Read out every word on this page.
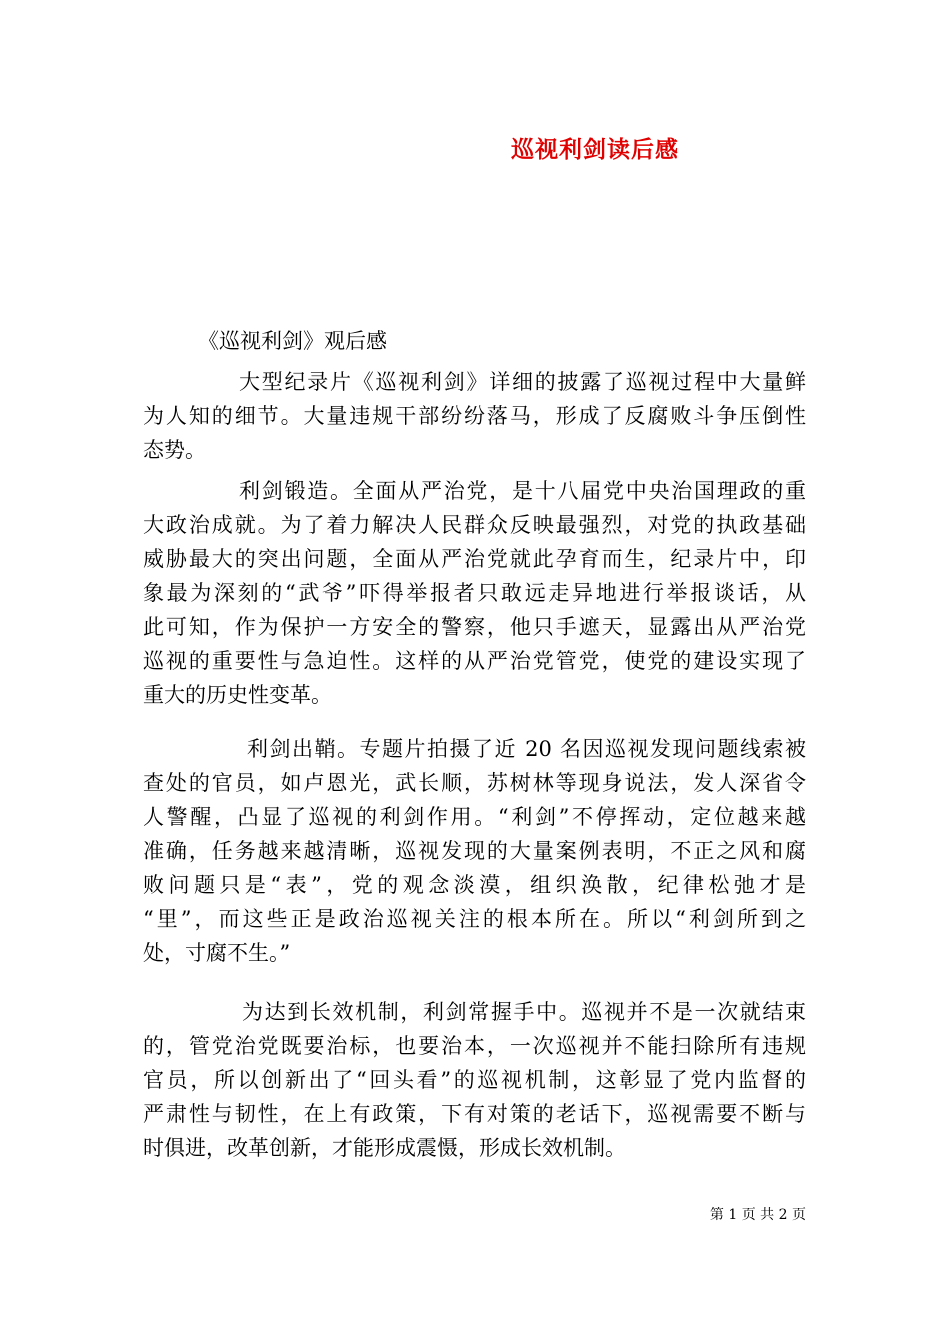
巡视利剑读后感
《巡视利剑》观后感
大型纪录片《巡视利剑》详细的披露了巡视过程中大量鲜
为人知的细节。大量违规干部纷纷落马，形成了反腐败斗争压倒性
态势。
利剑锻造。全面从严治党，是十八届党中央治国理政的重
大政治成就。为了着力解决人民群众反映最强烈，对党的执政基础
威胁最大的突出问题，全面从严治党就此孕育而生，纪录片中，印
象最为深刻的“武爷”吓得举报者只敢远走异地进行举报谈话，从
此可知，作为保护一方安全的警察，他只手遮天，显露出从严治党
巡视的重要性与急迫性。这样的从严治党管党，使党的建设实现了
重大的历史性变革。
利剑出鞘。专题片拍摄了近 20 名因巡视发现问题线索被
查处的官员，如卢恩光，武长顺，苏树林等现身说法，发人深省令
人警醒，凸显了巡视的利剑作用。“利剑”不停挥动，定位越来越
准确，任务越来越清晰，巡视发现的大量案例表明，不正之风和腐
败问题只是“表”，党的观念淡漠，组织涣散，纪律松弛才是
“里”，而这些正是政治巡视关注的根本所在。所以“利剑所到之
处，寸腐不生。”
为达到长效机制，利剑常握手中。巡视并不是一次就结束
的，管党治党既要治标，也要治本，一次巡视并不能扫除所有违规
官员，所以创新出了“回头看”的巡视机制，这彰显了党内监督的
严肃性与韧性，在上有政策，下有对策的老话下，巡视需要不断与
时俱进，改革创新，才能形成震慑，形成长效机制。
第 1 页 共 2 页
